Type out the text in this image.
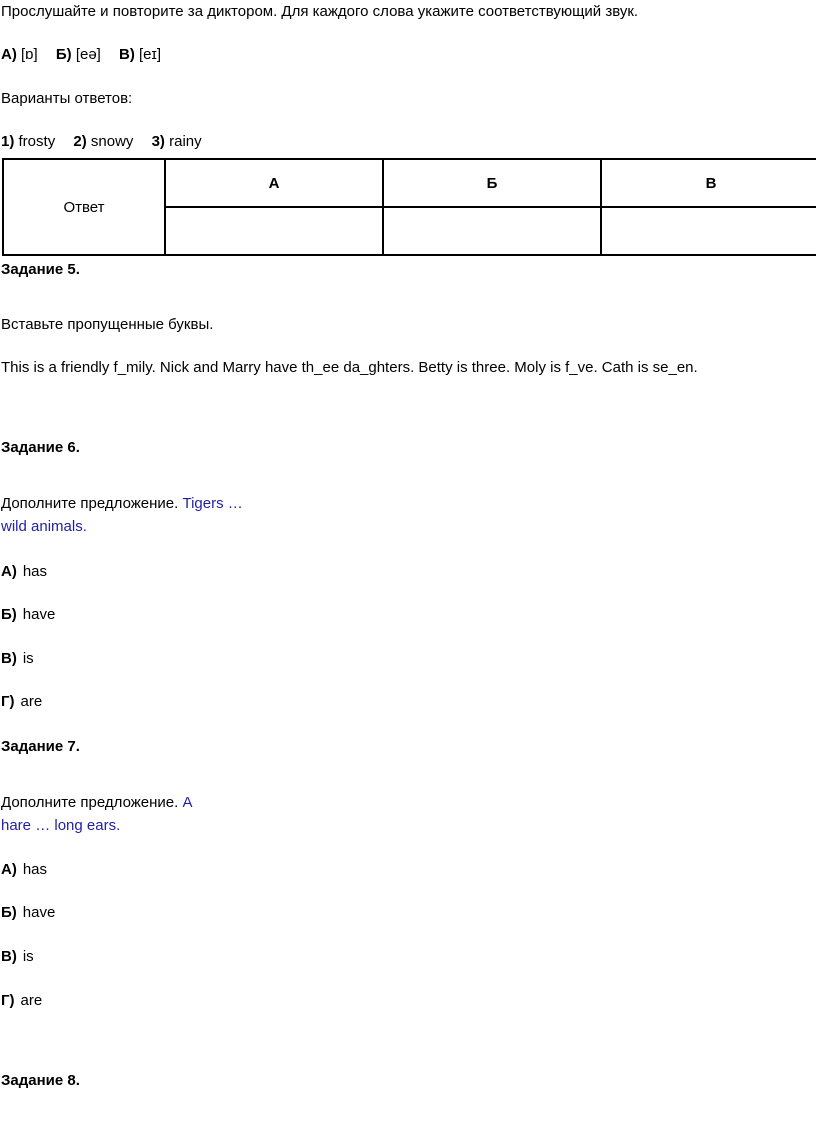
Прослушайте и повторите за диктором. Для каждого слова укажите соответствующий звук.
А) [ɒ] Б) [eə] В) [eɪ]
Варианты ответов:
1) frosty 2) snowy 3) rainy
Ответ	А	Б	В

Задание 5.
Вставьте пропущенные буквы.
This is a friendly f_mily. Nick and Marry have th_ee da_ghters. Betty is three. Moly is f_ve. Cath is se_en.
Задание 6.
Дополните предложение. Tigers …
wild animals.
А) has
Б) have
В) is
Г) are
Задание 7.
Дополните предложение. A
hare … long ears.
А) has
Б) have
В) is
Г) are
Задание 8.
